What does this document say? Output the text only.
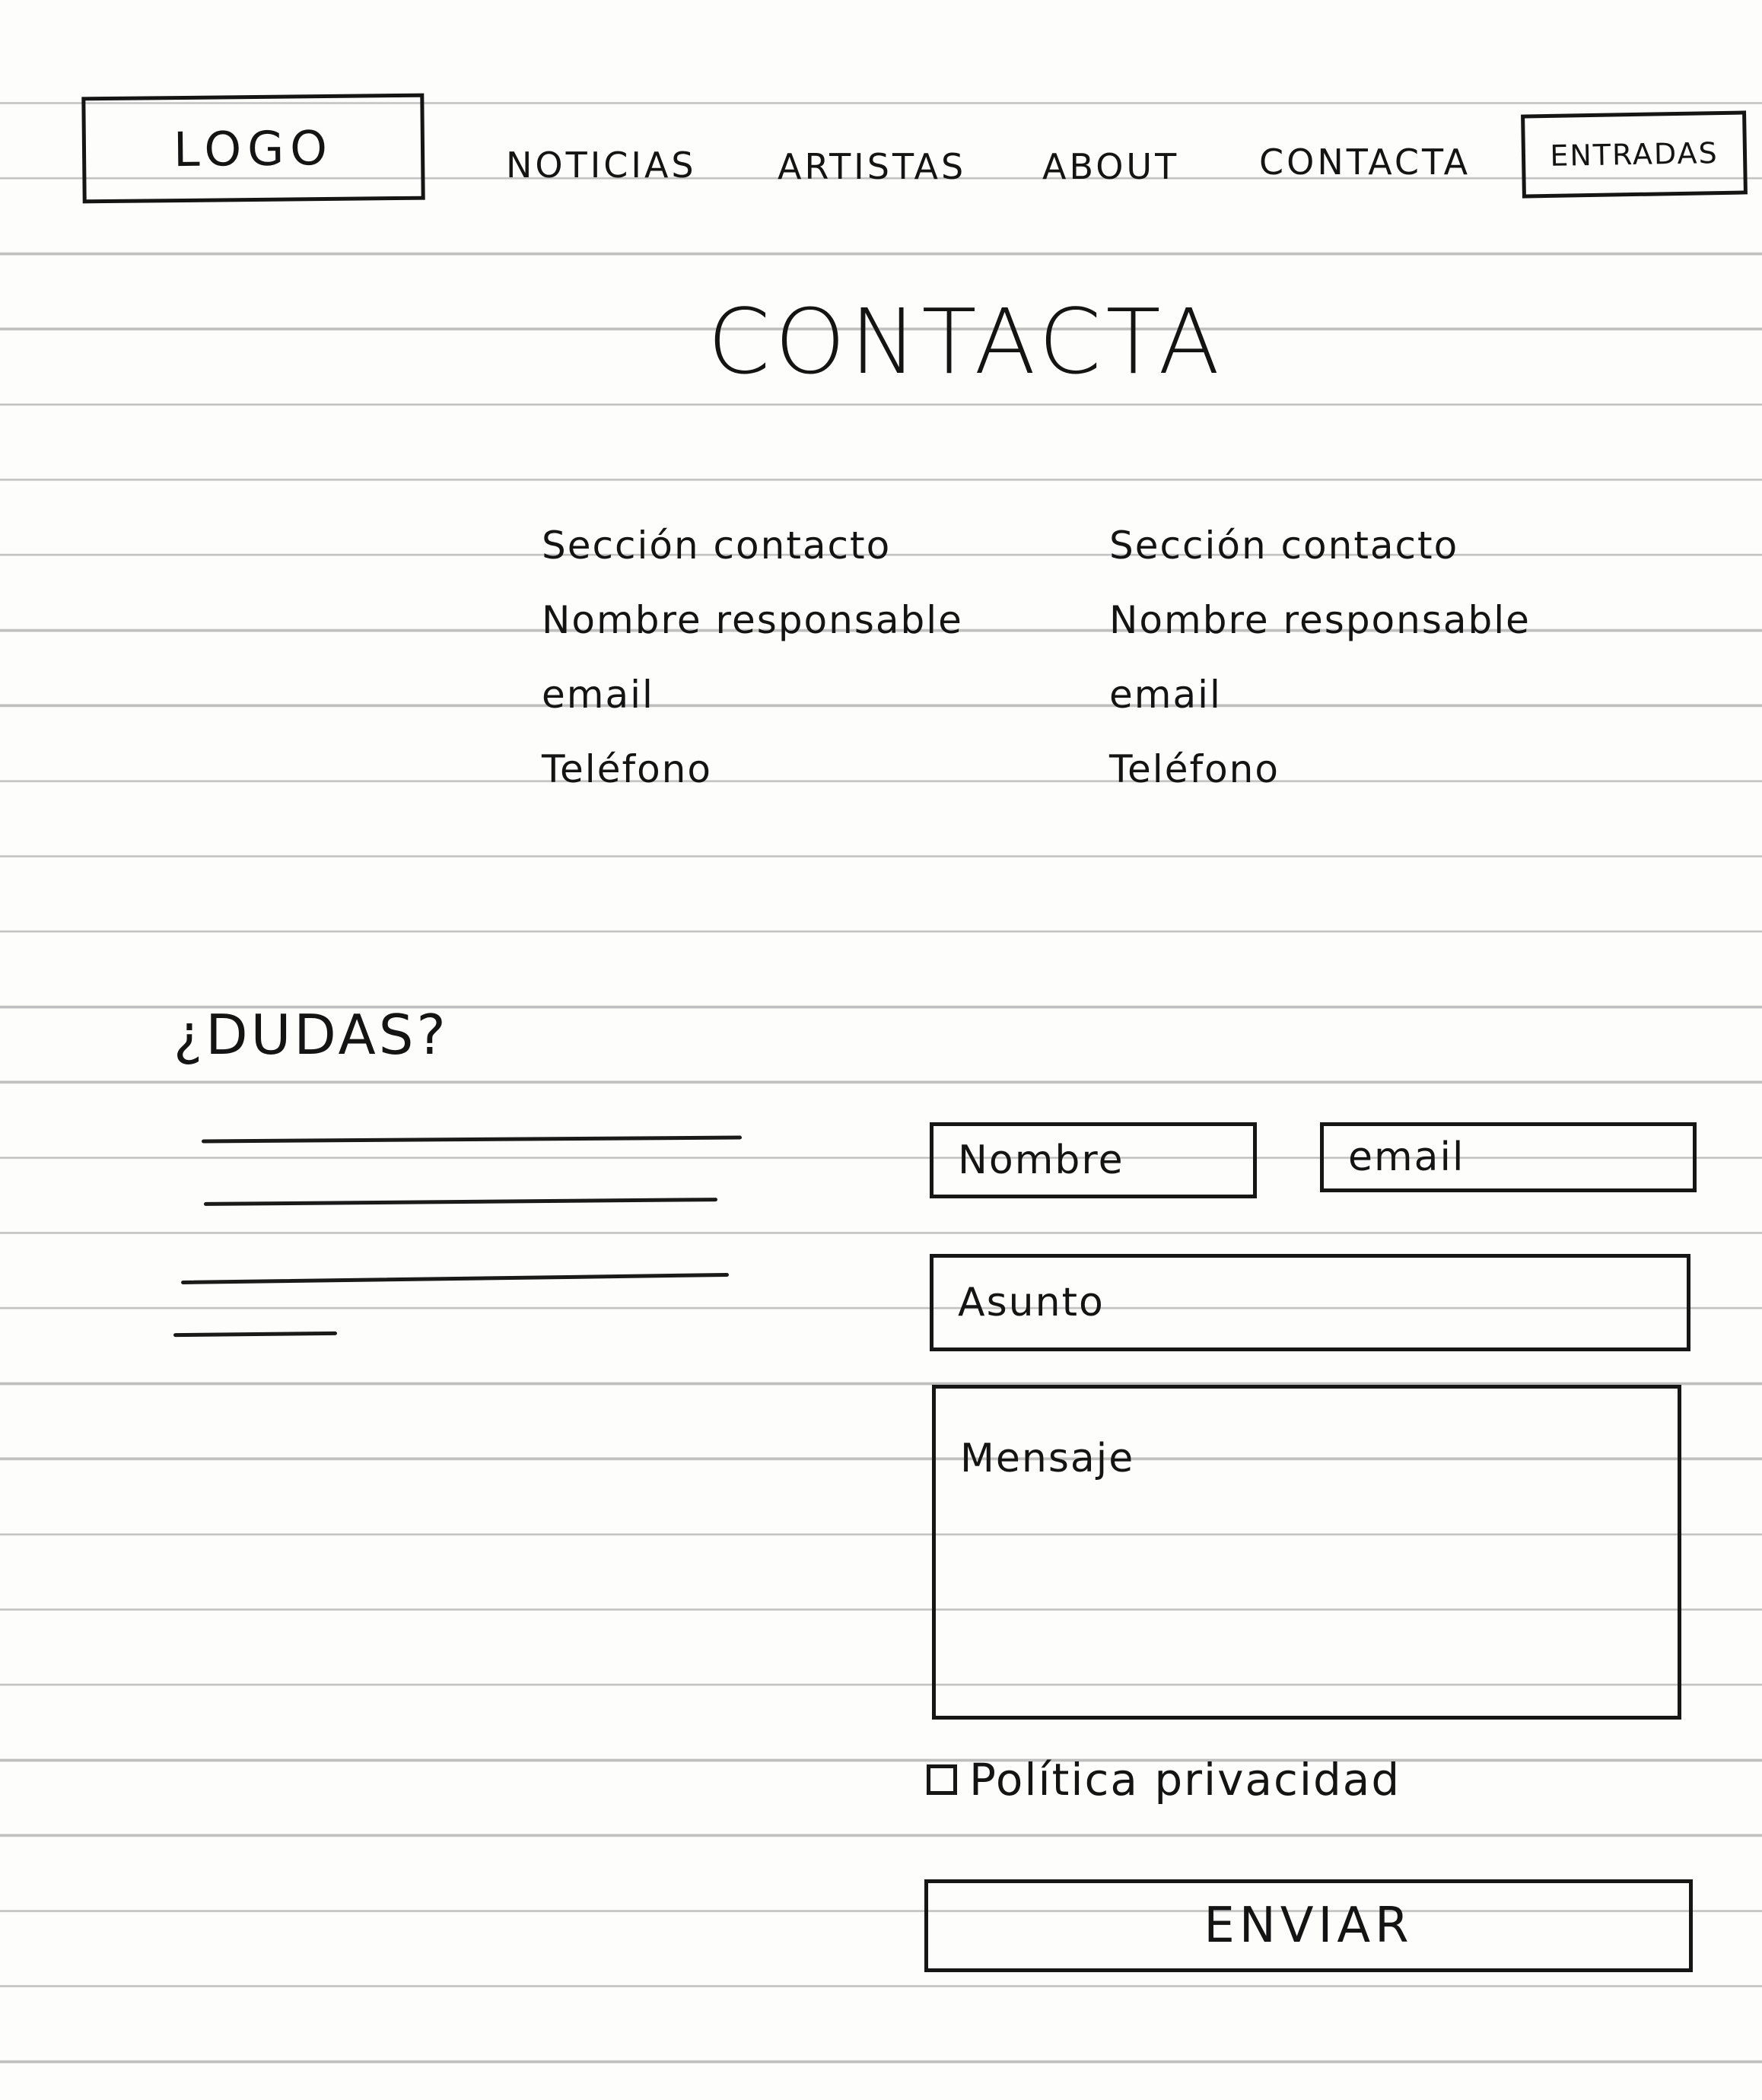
LOGO	NOTICIAS ARTISTAS ABOUT CONTACTA	ENTRADAS
CONTACTA
Sección contacto
Nombre responsable
email
Teléfono
Sección contacto
Nombre responsable
email
Teléfono
¿DUDAS?
Nombre	email
Asunto
Mensaje
Política privacidad
ENVIAR
